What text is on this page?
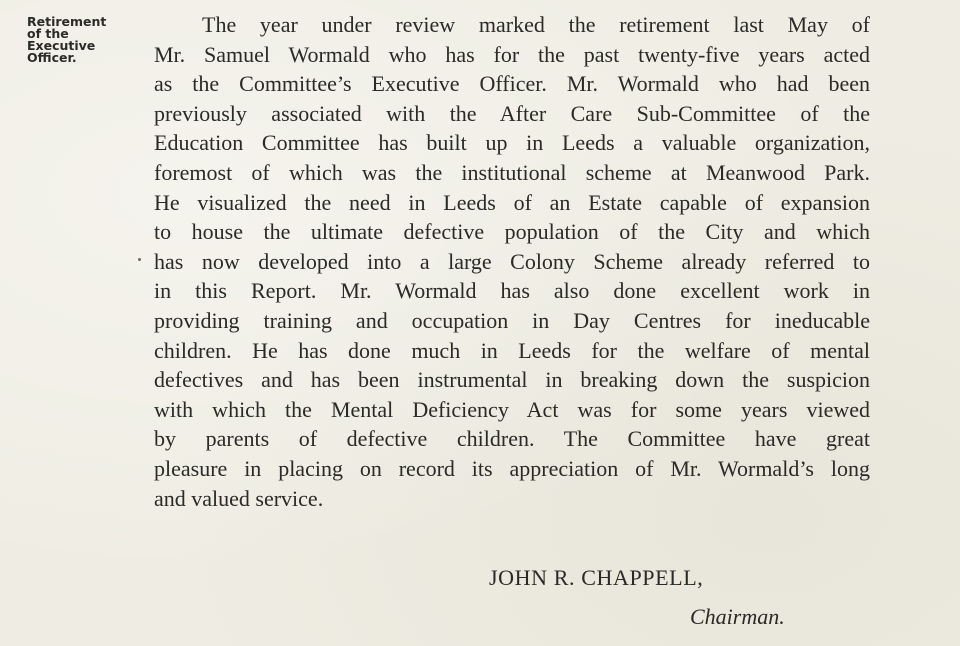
Retirement
of the
Executive
Officer.

The year under review marked the retirement last May of
Mr. Samuel Wormald who has for the past twenty-five years acted
as the Committee’s Executive Officer. Mr. Wormald who had been
previously associated with the After Care Sub-Committee of the
Education Committee has built up in Leeds a valuable organization,
foremost of which was the institutional scheme at Meanwood Park.
He visualized the need in Leeds of an Estate capable of expansion
to house the ultimate defective population of the City and which
has now developed into a large Colony Scheme already referred to
in this Report. Mr. Wormald has also done excellent work in
providing training and occupation in Day Centres for ineducable
children. He has done much in Leeds for the welfare of mental
defectives and has been instrumental in breaking down the suspicion
with which the Mental Deficiency Act was for some years viewed
by parents of defective children. The Committee have great
pleasure in placing on record its appreciation of Mr. Wormald’s long
and valued service.

JOHN R. CHAPPELL,
Chairman.
